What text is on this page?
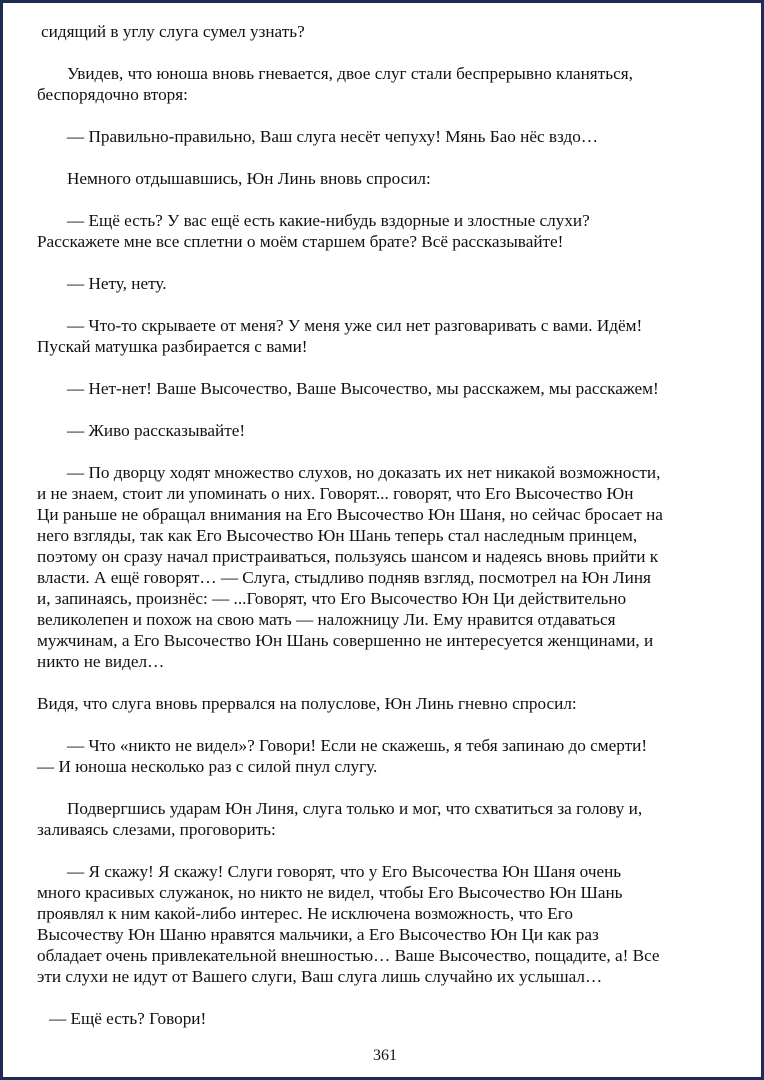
сидящий в углу слуга сумел узнать?

Увидев, что юноша вновь гневается, двое слуг стали беспрерывно кланяться,
беспорядочно вторя:

— Правильно-правильно, Ваш слуга несёт чепуху! Мянь Бао нёс вздо…

Немного отдышавшись, Юн Линь вновь спросил:

— Ещё есть? У вас ещё есть какие-нибудь вздорные и злостные слухи?
Расскажете мне все сплетни о моём старшем брате? Всё рассказывайте!

— Нету, нету.

— Что-то скрываете от меня? У меня уже сил нет разговаривать с вами. Идём!
Пускай матушка разбирается с вами!

— Нет-нет! Ваше Высочество, Ваше Высочество, мы расскажем, мы расскажем!

— Живо рассказывайте!

— По дворцу ходят множество слухов, но доказать их нет никакой возможности,
и не знаем, стоит ли упоминать о них. Говорят... говорят, что Его Высочество Юн
Ци раньше не обращал внимания на Его Высочество Юн Шаня, но сейчас бросает на
него взгляды, так как Его Высочество Юн Шань теперь стал наследным принцем,
поэтому он сразу начал пристраиваться, пользуясь шансом и надеясь вновь прийти к
власти. А ещё говорят… — Слуга, стыдливо подняв взгляд, посмотрел на Юн Линя
и, запинаясь, произнёс: — ...Говорят, что Его Высочество Юн Ци действительно
великолепен и похож на свою мать — наложницу Ли. Ему нравится отдаваться
мужчинам, а Его Высочество Юн Шань совершенно не интересуется женщинами, и
никто не видел…

Видя, что слуга вновь прервался на полуслове, Юн Линь гневно спросил:

— Что «никто не видел»? Говори! Если не скажешь, я тебя запинаю до смерти!
— И юноша несколько раз с силой пнул слугу.

Подвергшись ударам Юн Линя, слуга только и мог, что схватиться за голову и,
заливаясь слезами, проговорить:

— Я скажу! Я скажу! Слуги говорят, что у Его Высочества Юн Шаня очень
много красивых служанок, но никто не видел, чтобы Его Высочество Юн Шань
проявлял к ним какой-либо интерес. Не исключена возможность, что Его
Высочеству Юн Шаню нравятся мальчики, а Его Высочество Юн Ци как раз
обладает очень привлекательной внешностью… Ваше Высочество, пощадите, а! Все
эти слухи не идут от Вашего слуги, Ваш слуга лишь случайно их услышал…

— Ещё есть? Говори!

361
